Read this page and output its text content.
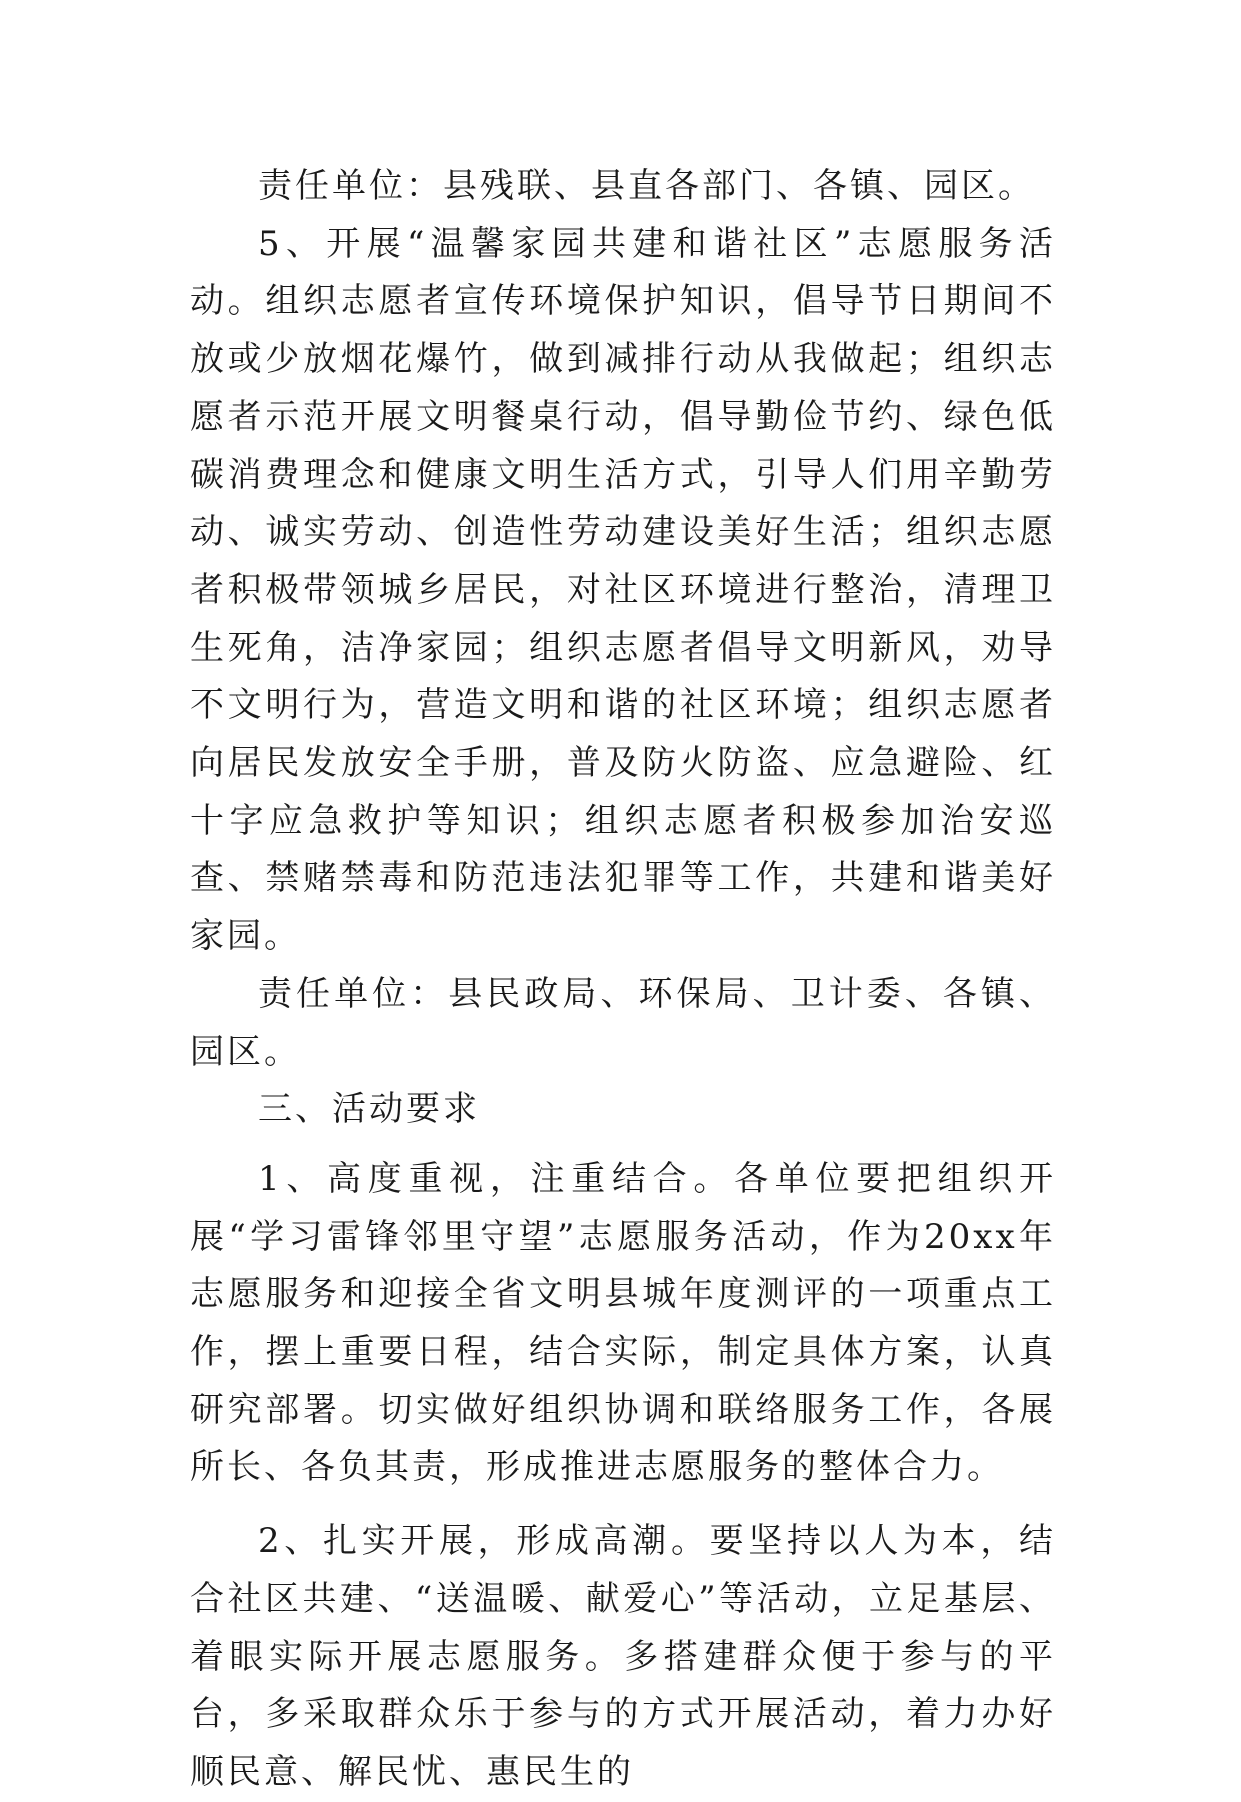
责任单位：县残联、县直各部门、各镇、园区。

5、开展“温馨家园共建和谐社区”志愿服务活动。组织志愿者宣传环境保护知识，倡导节日期间不放或少放烟花爆竹，做到减排行动从我做起；组织志愿者示范开展文明餐桌行动，倡导勤俭节约、绿色低碳消费理念和健康文明生活方式，引导人们用辛勤劳动、诚实劳动、创造性劳动建设美好生活；组织志愿者积极带领城乡居民，对社区环境进行整治，清理卫生死角，洁净家园；组织志愿者倡导文明新风，劝导不文明行为，营造文明和谐的社区环境；组织志愿者向居民发放安全手册，普及防火防盗、应急避险、红十字应急救护等知识；组织志愿者积极参加治安巡查、禁赌禁毒和防范违法犯罪等工作，共建和谐美好家园。

责任单位：县民政局、环保局、卫计委、各镇、园区。

三、活动要求

1、高度重视，注重结合。各单位要把组织开展“学习雷锋邻里守望”志愿服务活动，作为20xx年志愿服务和迎接全省文明县城年度测评的一项重点工作，摆上重要日程，结合实际，制定具体方案，认真研究部署。切实做好组织协调和联络服务工作，各展所长、各负其责，形成推进志愿服务的整体合力。

2、扎实开展，形成高潮。要坚持以人为本，结合社区共建、“送温暖、献爱心”等活动，立足基层、着眼实际开展志愿服务。多搭建群众便于参与的平台，多采取群众乐于参与的方式开展活动，着力办好顺民意、解民忧、惠民生的
